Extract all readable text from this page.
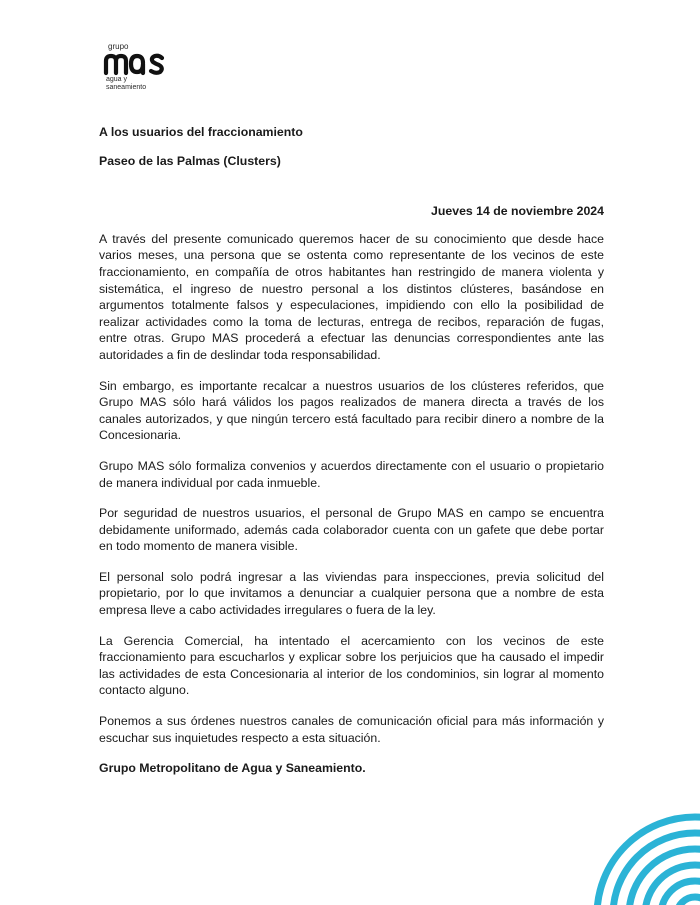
grupo
agua y
saneamiento

A los usuarios del fraccionamiento

Paseo de las Palmas (Clusters)

Jueves 14 de noviembre 2024

A través del presente comunicado queremos hacer de su conocimiento que desde hace varios meses, una persona que se ostenta como representante de los vecinos de este fraccionamiento, en compañía de otros habitantes han restringido de manera violenta y sistemática, el ingreso de nuestro personal a los distintos clústeres, basándose en argumentos totalmente falsos y especulaciones, impidiendo con ello la posibilidad de realizar actividades como la toma de lecturas, entrega de recibos, reparación de fugas, entre otras. Grupo MAS procederá a efectuar las denuncias correspondientes ante las autoridades a fin de deslindar toda responsabilidad.

Sin embargo, es importante recalcar a nuestros usuarios de los clústeres referidos, que Grupo MAS sólo hará válidos los pagos realizados de manera directa a través de los canales autorizados, y que ningún tercero está facultado para recibir dinero a nombre de la Concesionaria.

Grupo MAS sólo formaliza convenios y acuerdos directamente con el usuario o propietario de manera individual por cada inmueble.

Por seguridad de nuestros usuarios, el personal de Grupo MAS en campo se encuentra debidamente uniformado, además cada colaborador cuenta con un gafete que debe portar en todo momento de manera visible.

El personal solo podrá ingresar a las viviendas para inspecciones, previa solicitud del propietario, por lo que invitamos a denunciar a cualquier persona que a nombre de esta empresa lleve a cabo actividades irregulares o fuera de la ley.

La Gerencia Comercial, ha intentado el acercamiento con los vecinos de este fraccionamiento para escucharlos y explicar sobre los perjuicios que ha causado el impedir las actividades de esta Concesionaria al interior de los condominios, sin lograr al momento contacto alguno.

Ponemos a sus órdenes nuestros canales de comunicación oficial para más información y escuchar sus inquietudes respecto a esta situación.

Grupo Metropolitano de Agua y Saneamiento.
